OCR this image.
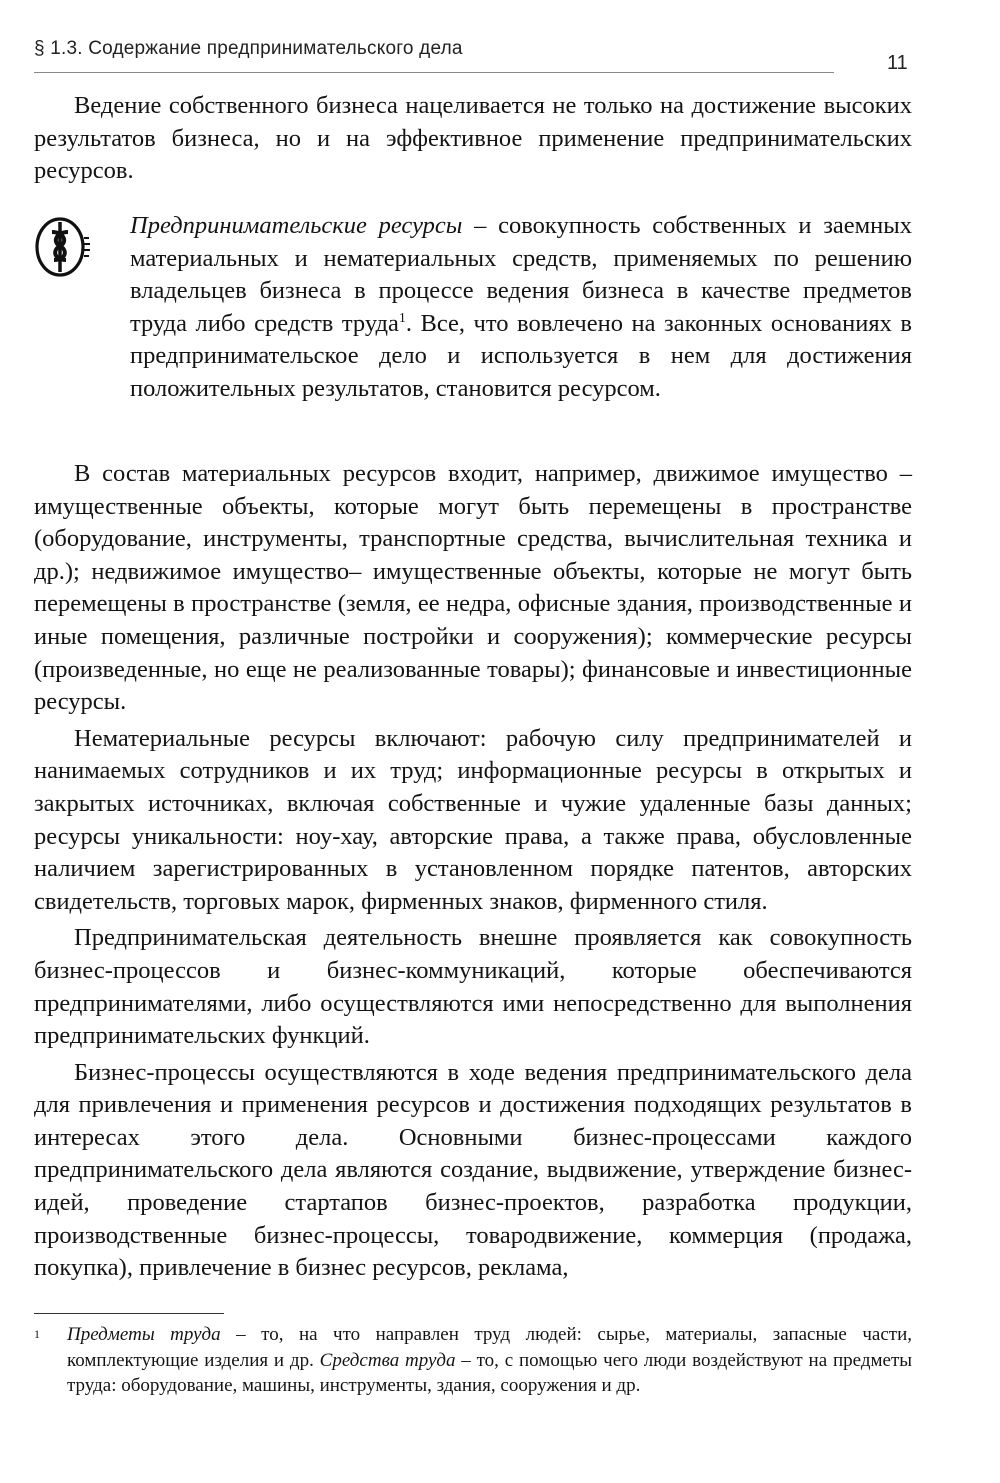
§ 1.3. Содержание предпринимательского дела
11

Ведение собственного бизнеса нацеливается не только на достижение высоких результатов бизнеса, но и на эффективное применение предпринимательских ресурсов.

Предпринимательские ресурсы – совокупность собственных и заемных материальных и нематериальных средств, применяемых по решению владельцев бизнеса в процессе ведения бизнеса в качестве предметов труда либо средств труда$^1$. Все, что вовлечено на законных основаниях в предпринимательское дело и используется в нем для достижения положительных результатов, становится ресурсом.

В состав материальных ресурсов входит, например, движимое имущество – имущественные объекты, которые могут быть перемещены в пространстве (оборудование, инструменты, транспортные средства, вычислительная техника и др.); недвижимое имущество– имущественные объекты, которые не могут быть перемещены в пространстве (земля, ее недра, офисные здания, производственные и иные помещения, различные постройки и сооружения); коммерческие ресурсы (произведенные, но еще не реализованные товары); финансовые и инвестиционные ресурсы.

Нематериальные ресурсы включают: рабочую силу предпринимателей и нанимаемых сотрудников и их труд; информационные ресурсы в открытых и закрытых источниках, включая собственные и чужие удаленные базы данных; ресурсы уникальности: ноу-хау, авторские права, а также права, обусловленные наличием зарегистрированных в установленном порядке патентов, авторских свидетельств, торговых марок, фирменных знаков, фирменного стиля.

Предпринимательская деятельность внешне проявляется как совокупность бизнес-процессов и бизнес-коммуникаций, которые обеспечиваются предпринимателями, либо осуществляются ими непосредственно для выполнения предпринимательских функций.

Бизнес-процессы осуществляются в ходе ведения предпринимательского дела для привлечения и применения ресурсов и достижения подходящих результатов в интересах этого дела. Основными бизнес-процессами каждого предпринимательского дела являются создание, выдвижение, утверждение бизнес-идей, проведение стартапов бизнес-проектов, разработка продукции, производственные бизнес-процессы, товародвижение, коммерция (продажа, покупка), привлечение в бизнес ресурсов, реклама,

1 Предметы труда – то, на что направлен труд людей: сырье, материалы, запасные части, комплектующие изделия и др. Средства труда – то, с помощью чего люди воздействуют на предметы труда: оборудование, машины, инструменты, здания, сооружения и др.
